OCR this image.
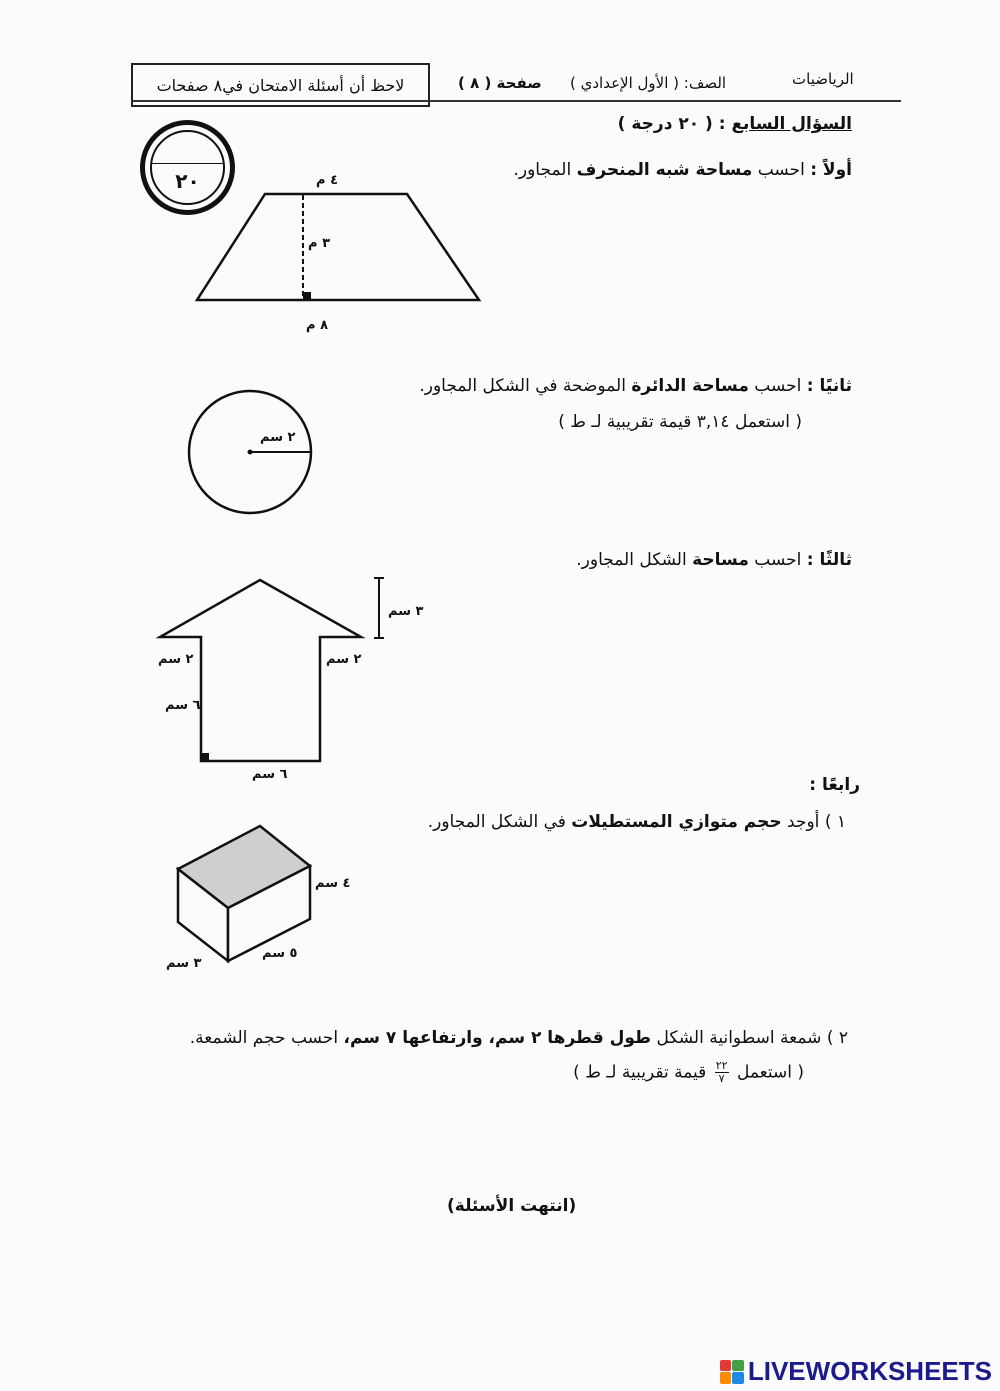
لاحظ أن أسئلة الامتحان في٨ صفحات	صفحة ( ٨ ) الصف: ( الأول الإعدادي )	الرياضيات
السؤال السابع : ( ٢٠ درجة )
٢٠	أولاً : احسب مساحة شبه المنحرف المجاور.
٤ م
٣ م
٨ م
ثانيًا : احسب مساحة الدائرة الموضحة في الشكل المجاور.
( استعمل ٣,١٤ قيمة تقريبية لـ ط )
٢ سم
ثالثًا : احسب مساحة الشكل المجاور.
٣ سم
٢ سم	٢ سم
٦ سم
٦ سم
رابعًا :
١ ) أوجد حجم متوازي المستطيلات في الشكل المجاور.
٤ سم
٥ سم
٣ سم
٢ ) شمعة اسطوانية الشكل طول قطرها ٢ سم، وارتفاعها ٧ سم، احسب حجم الشمعة.
( استعمل
$\frac{٢٢}{٧}$
قيمة تقريبية لـ ط )
(انتهت الأسئلة)
LIVEWORKSHEETS
